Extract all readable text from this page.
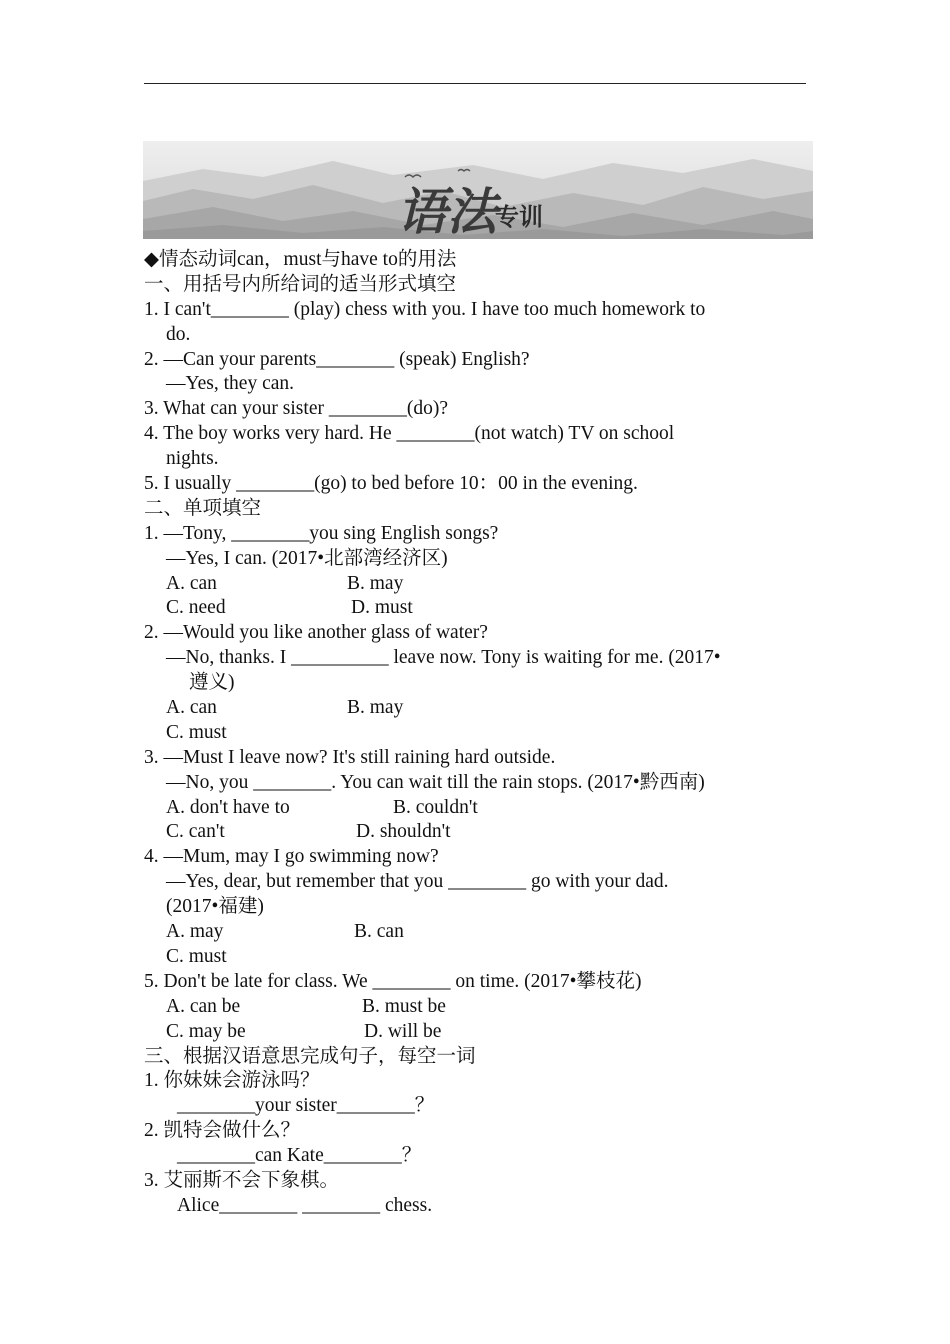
语法
专训
◆情态动词can，must与have to的用法
一、用括号内所给词的适当形式填空
1. I can't________ (play) chess with you. I have too much homework to
do.
2. —Can your parents________ (speak) English?
—Yes, they can.
3. What can your sister ________(do)?
4. The boy works very hard. He ________(not watch) TV on school
nights.
5. I usually ________(go) to bed before 10：00 in the evening.
二、单项填空
1. —Tony, ________you sing English songs?
—Yes, I can. (2017•北部湾经济区)
A. can	B. may
C. need	D. must
2. —Would you like another glass of water?
—No, thanks. I __________ leave now. Tony is waiting for me. (2017•
遵义)
A. can	B. may
C. must
3. —Must I leave now? It's still raining hard outside.
—No, you ________. You can wait till the rain stops. (2017•黔西南)
A. don't have to	B. couldn't
C. can't	D. shouldn't
4. —Mum, may I go swimming now?
—Yes, dear, but remember that you ________ go with your dad.
(2017•福建)
A. may	B. can
C. must
5. Don't be late for class. We ________ on time. (2017•攀枝花)
A. can be	B. must be
C. may be	D. will be
三、根据汉语意思完成句子，每空一词
1. 你妹妹会游泳吗？
________your sister________？
2. 凯特会做什么？
________can Kate________？
3. 艾丽斯不会下象棋。
Alice________ ________ chess.
